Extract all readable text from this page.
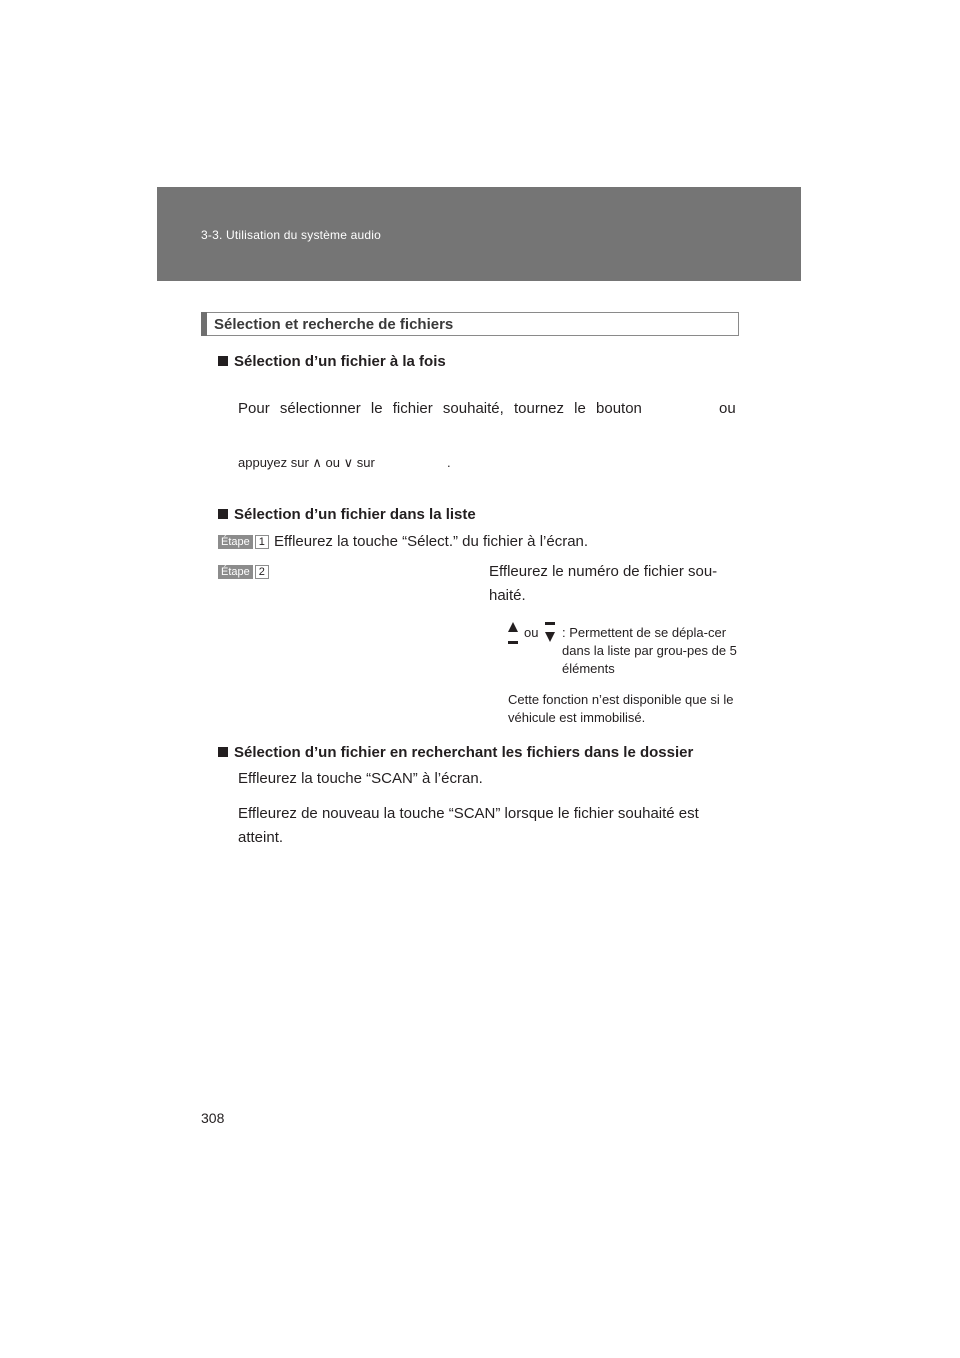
3-3. Utilisation du système audio
Sélection et recherche de fichiers
Sélection d’un fichier à la fois
Pour sélectionner le fichier souhaité, tournez le bouton	ou
appuyez sur ∧ ou ∨ sur	.
Sélection d’un fichier dans la liste
Étape 1 Effleurez la touche “Sélect.” du fichier à l’écran.
Étape 2	Effleurez le numéro de fichier sou-haité.
ou : Permettent de se dépla-cer dans la liste par grou-pes de 5 éléments
Cette fonction n’est disponible que si le véhicule est immobilisé.
Sélection d’un fichier en recherchant les fichiers dans le dossier
Effleurez la touche “SCAN” à l’écran.
Effleurez de nouveau la touche “SCAN” lorsque le fichier souhaité est atteint.
308
